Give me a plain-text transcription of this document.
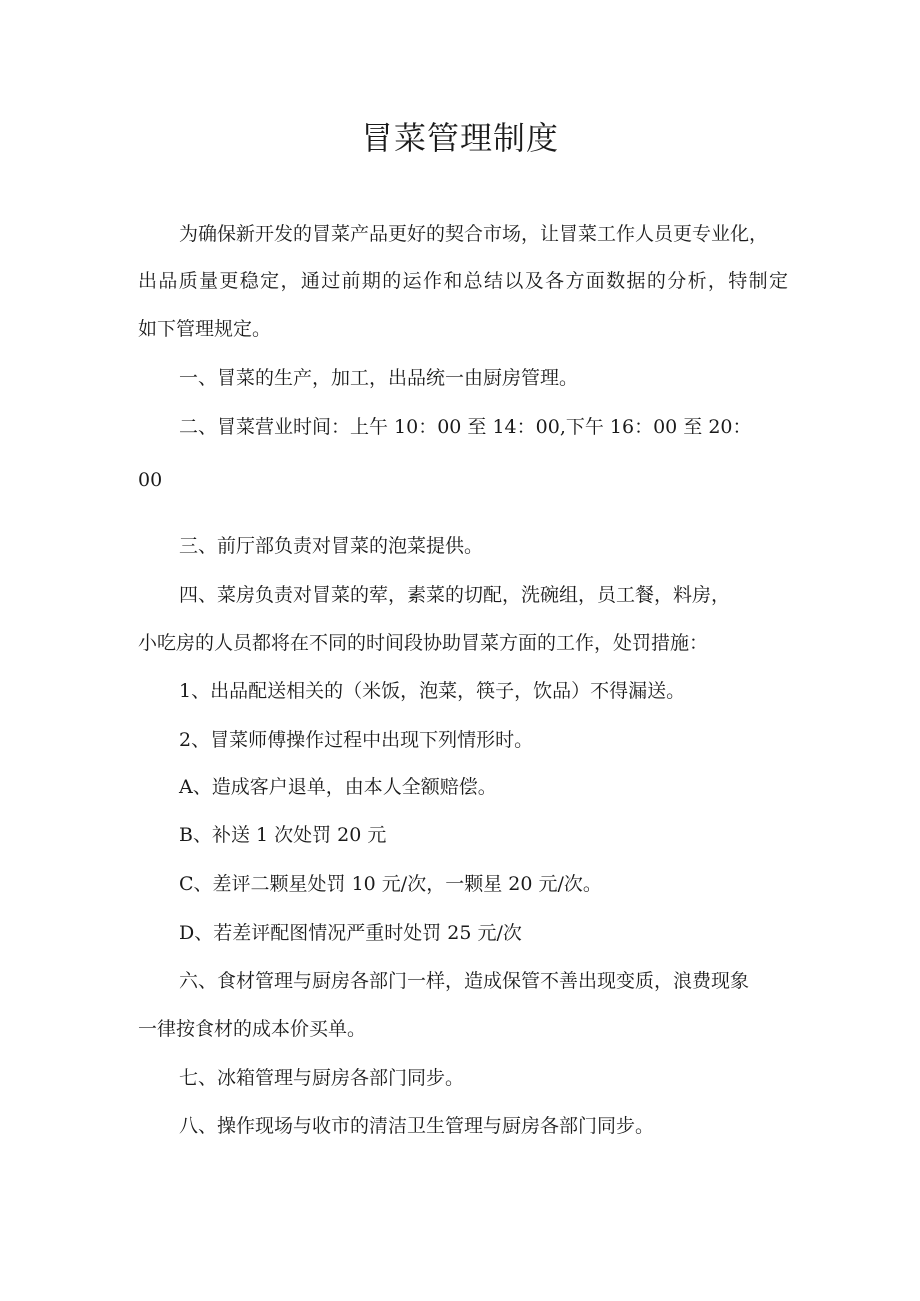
冒菜管理制度

为确保新开发的冒菜产品更好的契合市场，让冒菜工作人员更专业化，

出品质量更稳定，通过前期的运作和总结以及各方面数据的分析，特制定

如下管理规定。

一、冒菜的生产，加工，出品统一由厨房管理。

二、冒菜营业时间：上午 10：00 至 14：00,下午 16：00 至 20：

00

三、前厅部负责对冒菜的泡菜提供。

四、菜房负责对冒菜的荤，素菜的切配，洗碗组，员工餐，料房，

小吃房的人员都将在不同的时间段协助冒菜方面的工作，处罚措施：

1、出品配送相关的（米饭，泡菜，筷子，饮品）不得漏送。

2、冒菜师傅操作过程中出现下列情形时。

A、造成客户退单，由本人全额赔偿。

B、补送 1 次处罚 20 元

C、差评二颗星处罚 10 元/次，一颗星 20 元/次。

D、若差评配图情况严重时处罚 25 元/次

六、食材管理与厨房各部门一样，造成保管不善出现变质，浪费现象

一律按食材的成本价买单。

七、冰箱管理与厨房各部门同步。

八、操作现场与收市的清洁卫生管理与厨房各部门同步。
